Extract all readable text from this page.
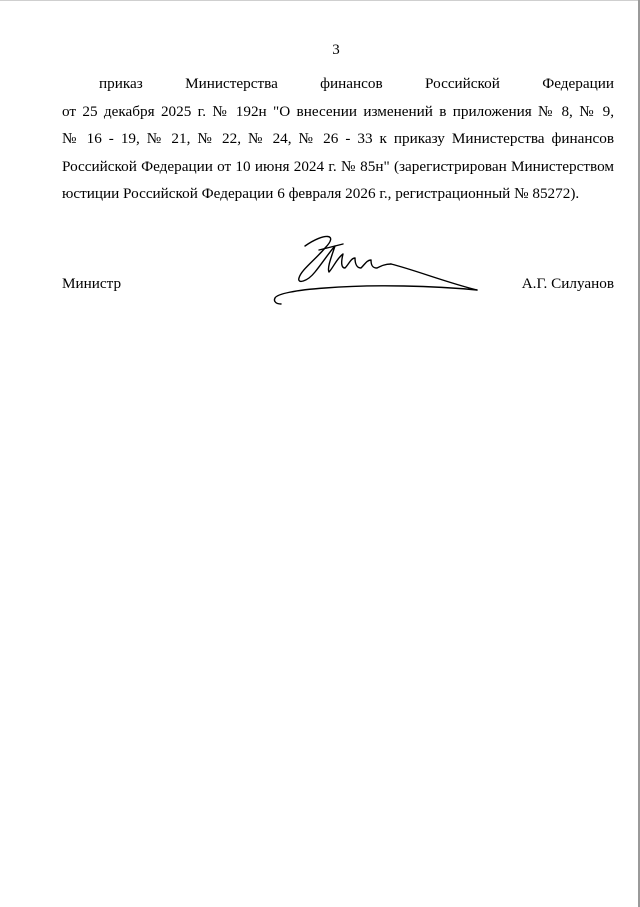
3

приказ Министерства финансов Российской Федерации
от 25 декабря 2025 г. № 192н "О внесении изменений в приложения № 8, № 9,
№ 16 - 19, № 21, № 22, № 24, № 26 - 33 к приказу Министерства финансов
Российской Федерации от 10 июня 2024 г. № 85н" (зарегистрирован Министерством
юстиции Российской Федерации 6 февраля 2026 г., регистрационный № 85272).

Министр	А.Г. Силуанов
